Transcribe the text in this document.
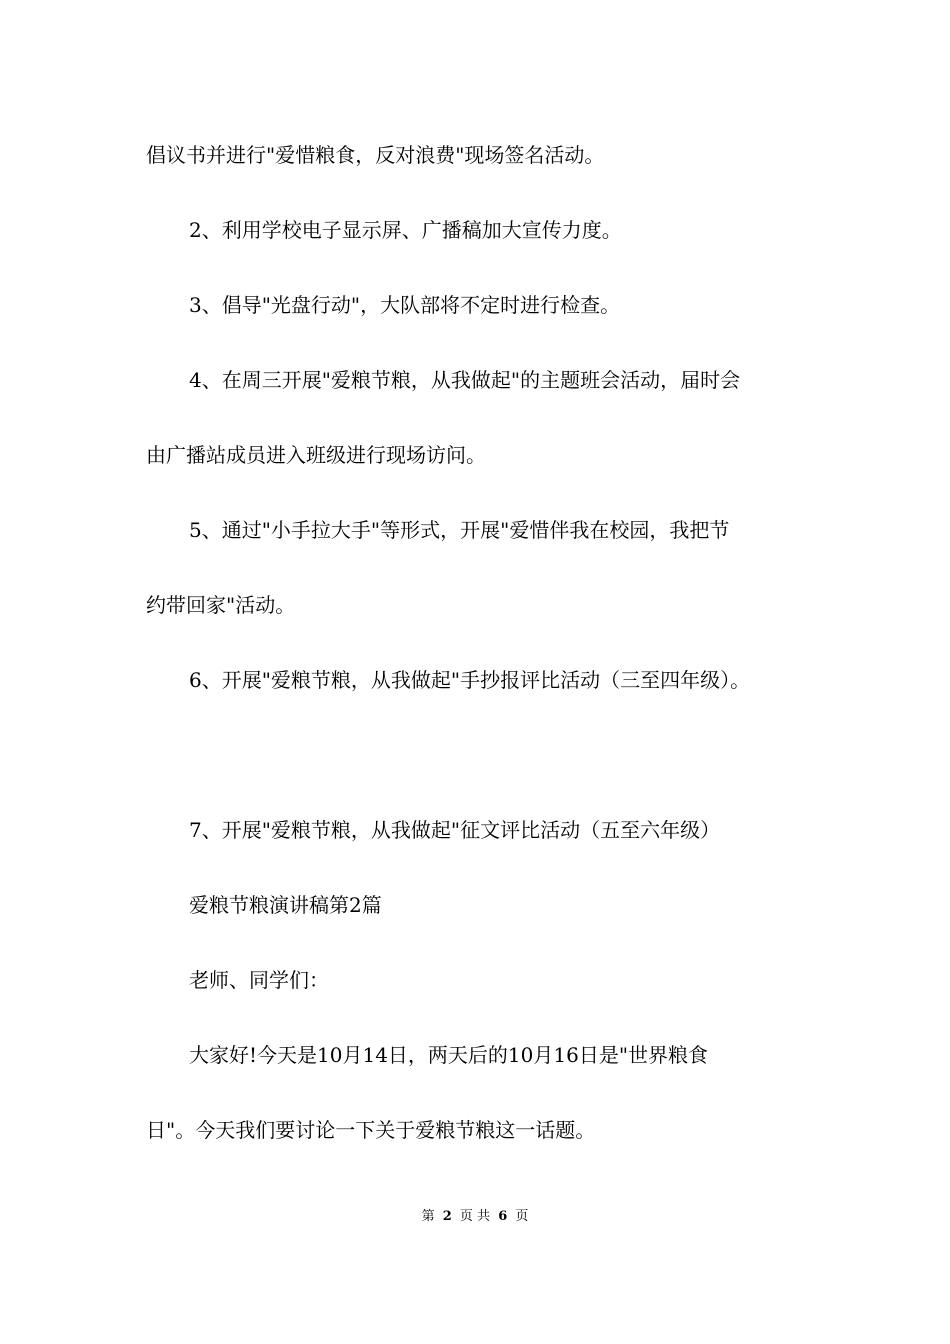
倡议书并进行"爱惜粮食，反对浪费"现场签名活动。
2、利用学校电子显示屏、广播稿加大宣传力度。
3、倡导"光盘行动"，大队部将不定时进行检查。
4、在周三开展"爱粮节粮，从我做起"的主题班会活动，届时会
由广播站成员进入班级进行现场访问。
5、通过"小手拉大手"等形式，开展"爱惜伴我在校园，我把节
约带回家"活动。
6、开展"爱粮节粮，从我做起"手抄报评比活动（三至四年级）。
7、开展"爱粮节粮，从我做起"征文评比活动（五至六年级）
爱粮节粮演讲稿第2篇
老师、同学们：
大家好!今天是10月14日，两天后的10月16日是"世界粮食
日"。今天我们要讨论一下关于爱粮节粮这一话题。
第 2 页 共 6 页
